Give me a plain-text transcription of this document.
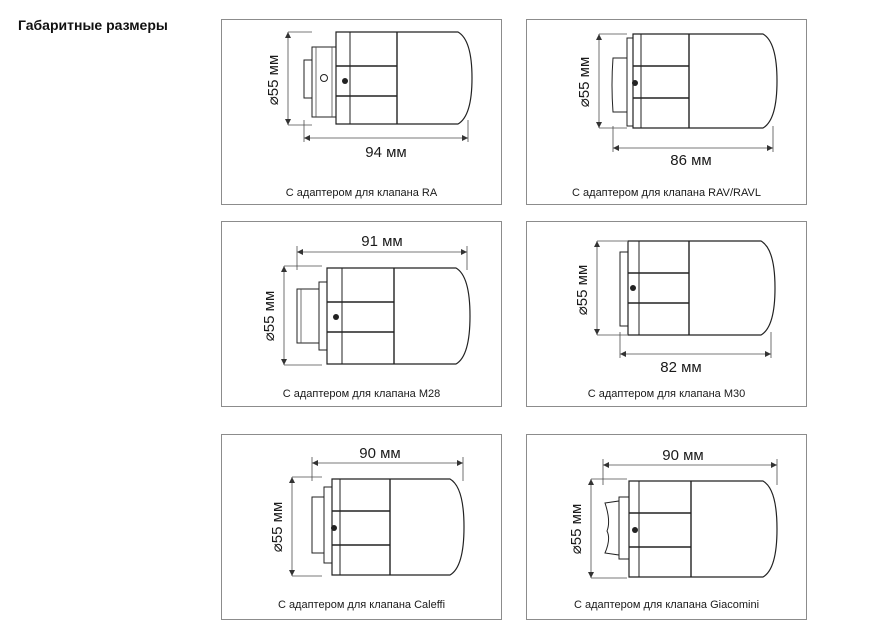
Габаритные размеры
⌀55 мм
94 мм
С адаптером для клапана RA
⌀55 мм
86 мм
С адаптером для клапана RAV/RAVL
91 мм
⌀55 мм
С адаптером для клапана M28
⌀55 мм
82 мм
С адаптером для клапана M30
90 мм
⌀55 мм
С адаптером для клапана Caleffi
90 мм
⌀55 мм
С адаптером для клапана Giacomini
